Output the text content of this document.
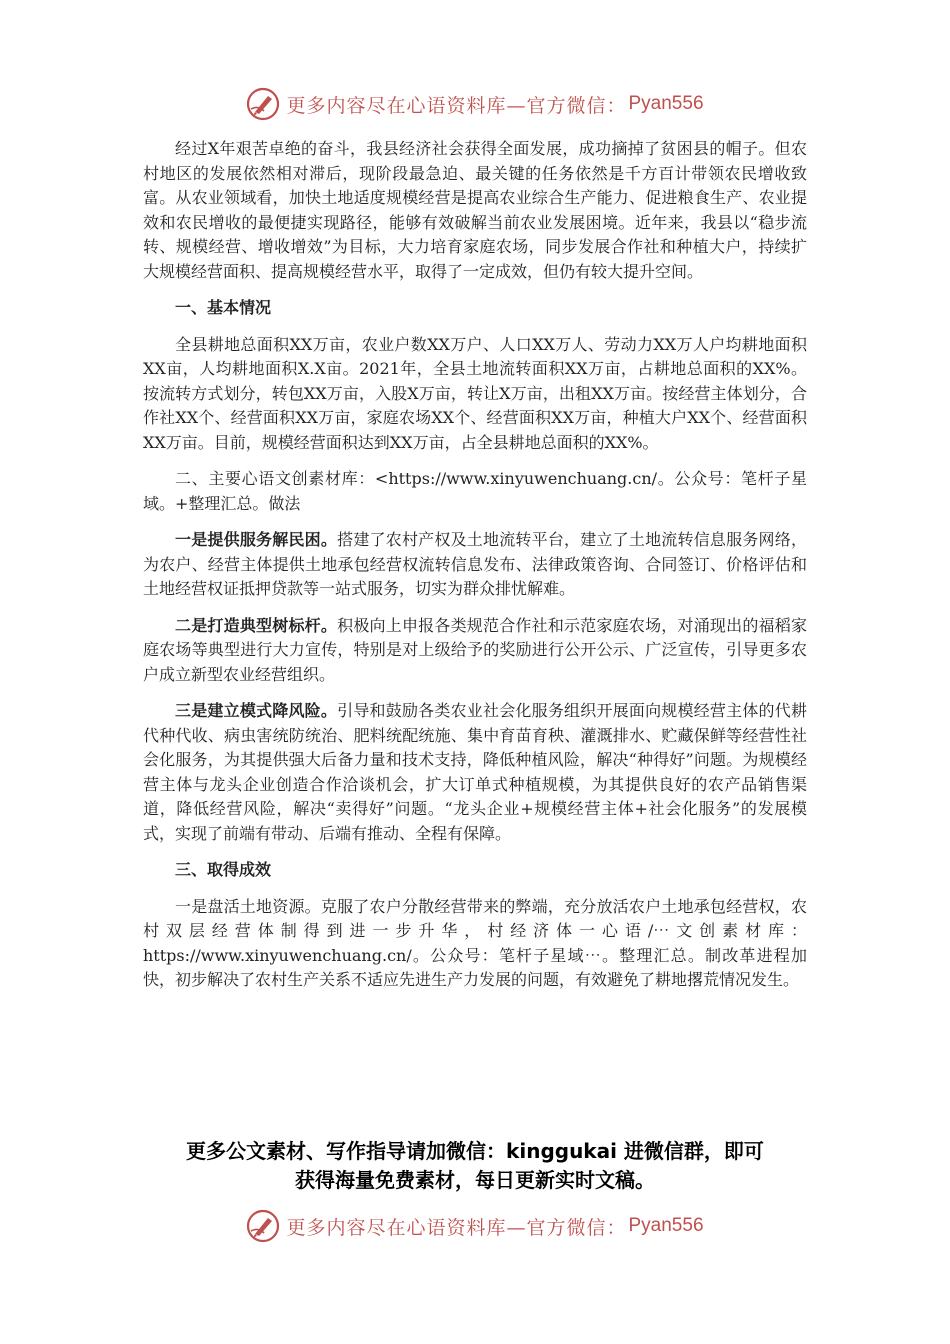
更多内容尽在心语资料库—官方微信： Pyan556

经过X年艰苦卓绝的奋斗，我县经济社会获得全面发展，成功摘掉了贫困县的帽子。但农村地区的发展依然相对滞后，现阶段最急迫、最关键的任务依然是千方百计带领农民增收致富。从农业领域看，加快土地适度规模经营是提高农业综合生产能力、促进粮食生产、农业提效和农民增收的最便捷实现路径，能够有效破解当前农业发展困境。近年来，我县以“稳步流转、规模经营、增收增效”为目标，大力培育家庭农场，同步发展合作社和种植大户，持续扩大规模经营面积、提高规模经营水平，取得了一定成效，但仍有较大提升空间。

一、基本情况

全县耕地总面积XX万亩，农业户数XX万户、人口XX万人、劳动力XX万人户均耕地面积XX亩，人均耕地面积X.X亩。2021年，全县土地流转面积XX万亩，占耕地总面积的XX%。按流转方式划分，转包XX万亩，入股X万亩，转让X万亩，出租XX万亩。按经营主体划分，合作社XX个、经营面积XX万亩，家庭农场XX个、经营面积XX万亩，种植大户XX个、经营面积XX万亩。目前，规模经营面积达到XX万亩，占全县耕地总面积的XX%。

二、主要心语文创素材库：<https://www.xinyuwenchuang.cn/。公众号：笔杆子星域。+整理汇总。做法

一是提供服务解民困。搭建了农村产权及土地流转平台，建立了土地流转信息服务网络，为农户、经营主体提供土地承包经营权流转信息发布、法律政策咨询、合同签订、价格评估和土地经营权证抵押贷款等一站式服务，切实为群众排忧解难。

二是打造典型树标杆。积极向上申报各类规范合作社和示范家庭农场，对涌现出的福稻家庭农场等典型进行大力宣传，特别是对上级给予的奖励进行公开公示、广泛宣传，引导更多农户成立新型农业经营组织。

三是建立模式降风险。引导和鼓励各类农业社会化服务组织开展面向规模经营主体的代耕代种代收、病虫害统防统治、肥料统配统施、集中育苗育秧、灌溉排水、贮藏保鲜等经营性社会化服务，为其提供强大后备力量和技术支持，降低种植风险，解决“种得好”问题。为规模经营主体与龙头企业创造合作洽谈机会，扩大订单式种植规模，为其提供良好的农产品销售渠道，降低经营风险，解决“卖得好”问题。“龙头企业+规模经营主体+社会化服务”的发展模式，实现了前端有带动、后端有推动、全程有保障。

三、取得成效

一是盘活土地资源。克服了农户分散经营带来的弊端，充分放活农户土地承包经营权，农村双层经营体制得到进一步升华，村经济体一心语/⋯文创素材库：https://www.xinyuwenchuang.cn/。公众号：笔杆子星域⋯。整理汇总。制改革进程加快，初步解决了农村生产关系不适应先进生产力发展的问题，有效避免了耕地撂荒情况发生。

更多公文素材、写作指导请加微信：kinggukai 进微信群，即可
获得海量免费素材，每日更新实时文稿。
更多内容尽在心语资料库—官方微信： Pyan556
